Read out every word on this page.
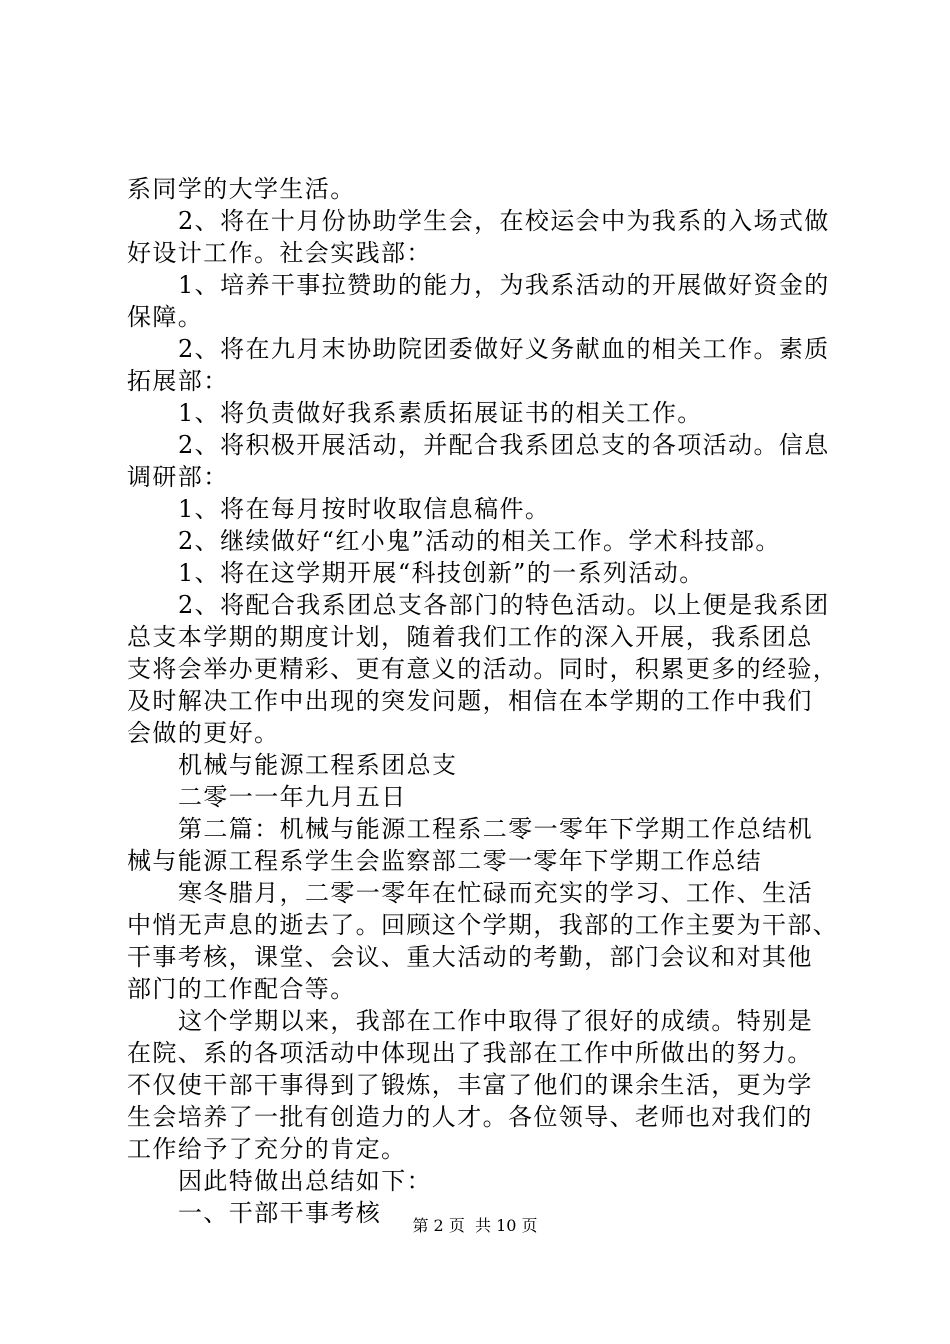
系同学的大学生活。
2、将在十月份协助学生会，在校运会中为我系的入场式做
好设计工作。社会实践部：
1、培养干事拉赞助的能力，为我系活动的开展做好资金的
保障。
2、将在九月末协助院团委做好义务献血的相关工作。素质
拓展部：
1、将负责做好我系素质拓展证书的相关工作。
2、将积极开展活动，并配合我系团总支的各项活动。信息
调研部：
1、将在每月按时收取信息稿件。
2、继续做好“红小鬼”活动的相关工作。学术科技部。
1、将在这学期开展“科技创新”的一系列活动。
2、将配合我系团总支各部门的特色活动。以上便是我系团
总支本学期的期度计划，随着我们工作的深入开展，我系团总
支将会举办更精彩、更有意义的活动。同时，积累更多的经验，
及时解决工作中出现的突发问题，相信在本学期的工作中我们
会做的更好。
机械与能源工程系团总支
二零一一年九月五日
第二篇：机械与能源工程系二零一零年下学期工作总结机
械与能源工程系学生会监察部二零一零年下学期工作总结
寒冬腊月，二零一零年在忙碌而充实的学习、工作、生活
中悄无声息的逝去了。回顾这个学期，我部的工作主要为干部、
干事考核，课堂、会议、重大活动的考勤，部门会议和对其他
部门的工作配合等。
这个学期以来，我部在工作中取得了很好的成绩。特别是
在院、系的各项活动中体现出了我部在工作中所做出的努力。
不仅使干部干事得到了锻炼，丰富了他们的课余生活，更为学
生会培养了一批有创造力的人才。各位领导、老师也对我们的
工作给予了充分的肯定。
因此特做出总结如下：
一、干部干事考核	第 2 页  共 10 页
